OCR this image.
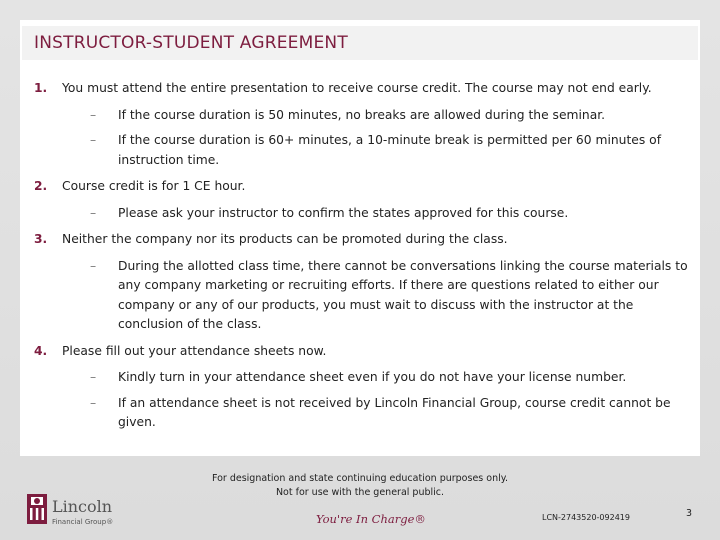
INSTRUCTOR-STUDENT AGREEMENT
1. You must attend the entire presentation to receive course credit. The course may not end early.
– If the course duration is 50 minutes, no breaks are allowed during the seminar.
– If the course duration is 60+ minutes, a 10-minute break is permitted per 60 minutes of instruction time.
2. Course credit is for 1 CE hour.
– Please ask your instructor to confirm the states approved for this course.
3. Neither the company nor its products can be promoted during the class.
– During the allotted class time, there cannot be conversations linking the course materials to any company marketing or recruiting efforts. If there are questions related to either our company or any of our products, you must wait to discuss with the instructor at the conclusion of the class.
4. Please fill out your attendance sheets now.
– Kindly turn in your attendance sheet even if you do not have your license number.
– If an attendance sheet is not received by Lincoln Financial Group, course credit cannot be given.
For designation and state continuing education purposes only.
Not for use with the general public.
Lincoln
Financial Group®	You're In Charge®	LCN-2743520-092419	3
